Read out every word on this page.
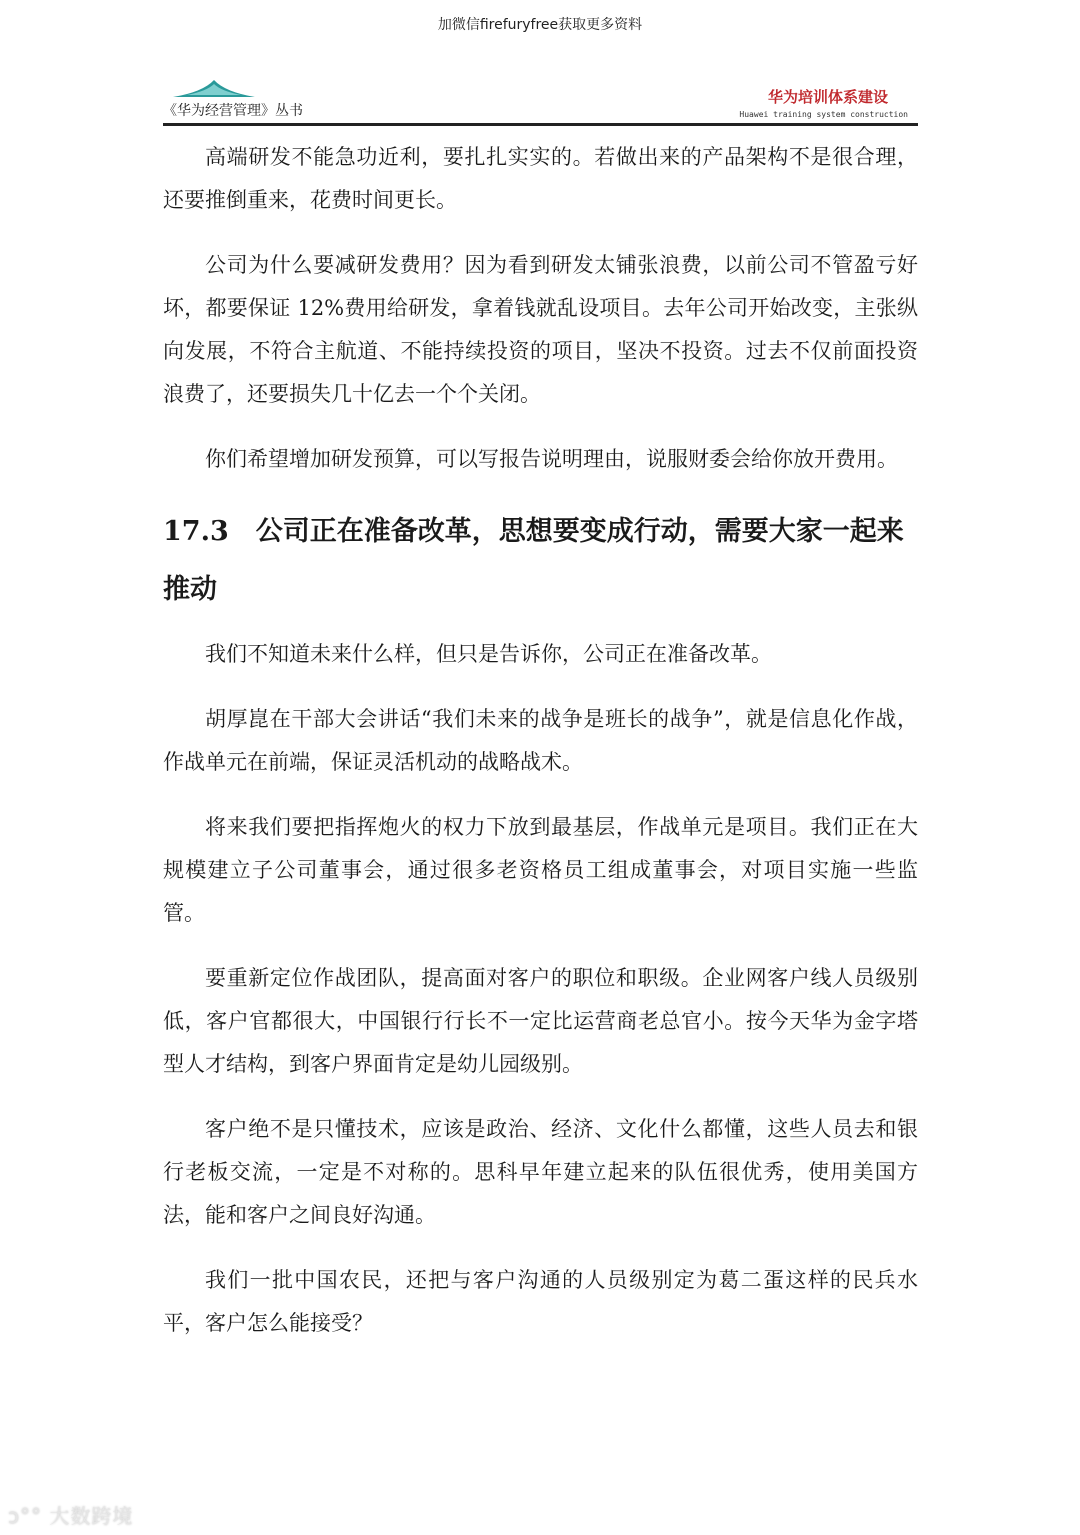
加微信firefuryfree获取更多资料
《华为经营管理》丛书
华为培训体系建设
Huawei training system construction

高端研发不能急功近利，要扎扎实实的。若做出来的产品架构不是很合理，还要推倒重来，花费时间更长。

公司为什么要减研发费用？因为看到研发太铺张浪费，以前公司不管盈亏好坏，都要保证 12%费用给研发，拿着钱就乱设项目。去年公司开始改变，主张纵向发展，不符合主航道、不能持续投资的项目，坚决不投资。过去不仅前面投资浪费了，还要损失几十亿去一个个关闭。

你们希望增加研发预算，可以写报告说明理由，说服财委会给你放开费用。

17.3　公司正在准备改革，思想要变成行动，需要大家一起来推动

我们不知道未来什么样，但只是告诉你，公司正在准备改革。

胡厚崑在干部大会讲话“我们未来的战争是班长的战争”，就是信息化作战，作战单元在前端，保证灵活机动的战略战术。

将来我们要把指挥炮火的权力下放到最基层，作战单元是项目。我们正在大规模建立子公司董事会，通过很多老资格员工组成董事会，对项目实施一些监管。

要重新定位作战团队，提高面对客户的职位和职级。企业网客户线人员级别低，客户官都很大，中国银行行长不一定比运营商老总官小。按今天华为金字塔型人才结构，到客户界面肯定是幼儿园级别。

客户绝不是只懂技术，应该是政治、经济、文化什么都懂，这些人员去和银行老板交流，一定是不对称的。思科早年建立起来的队伍很优秀，使用美国方法，能和客户之间良好沟通。

我们一批中国农民，还把与客户沟通的人员级别定为葛二蛋这样的民兵水平，客户怎么能接受？

ↄ°° 大数跨境
